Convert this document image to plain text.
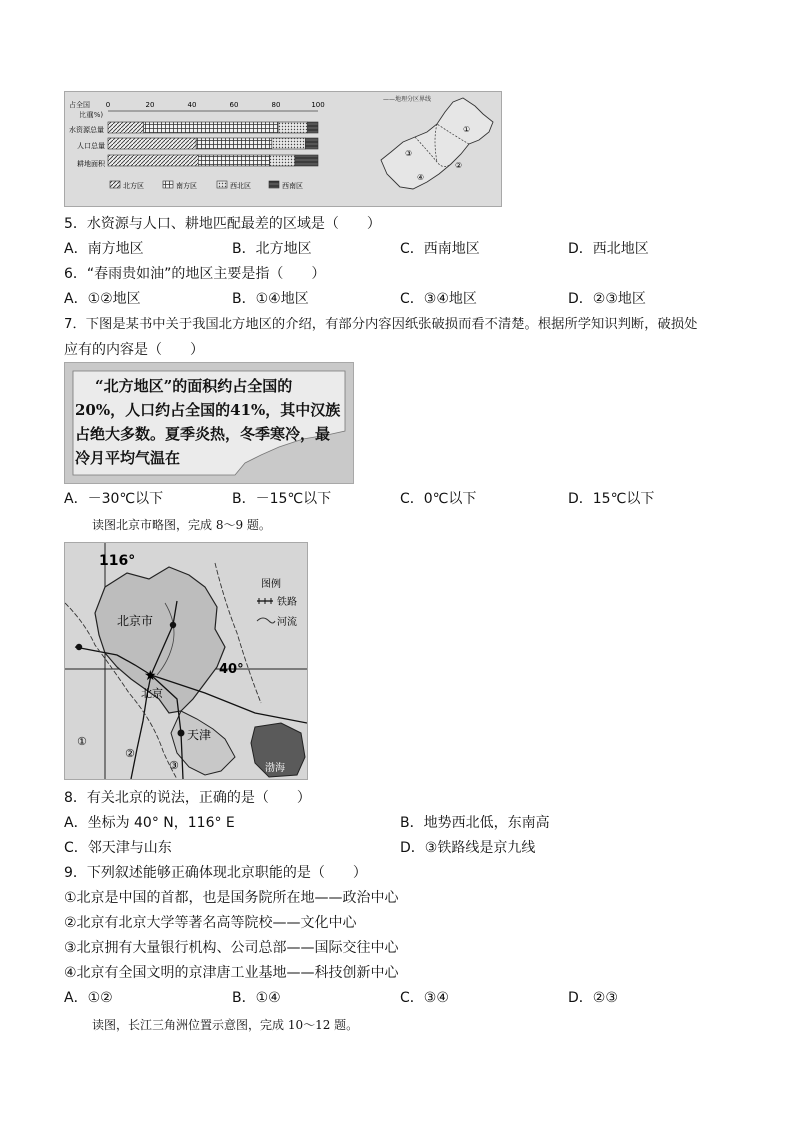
占全国
比重
(%)
0	20	40	60	80	100
水资源总量
人口总量
耕地面积
北方区	南方区	西北区	西南区
——地理分区界线
①
②
③
④
5．水资源与人口、耕地匹配最差的区域是（　　）
A．南方地区	B．北方地区	C．西南地区	D．西北地区
6．“春雨贵如油”的地区主要是指（　　）
A．①②地区	B．①④地区	C．③④地区	D．②③地区
7．下图是某书中关于我国北方地区的介绍，有部分内容因纸张破损而看不清楚。根据所学知识判断，破损处
应有的内容是（　　）
“北方地区”的面积约占全国的
20%，人口约占全国的41%，其中汉族
占绝大多数。夏季炎热，冬季寒冷，最
冷月平均气温在
A．－30℃以下	B．－15℃以下	C．0℃以下	D．15℃以下
读图北京市略图，完成 8～9 题。
★
116°
40°
北京市
北京
天津
渤海
①
②
③
图例
铁路
河流
8．有关北京的说法，正确的是（　　）
A．坐标为 40° N，116° E	B．地势西北低，东南高
C．邻天津与山东	D．③铁路线是京九线
9．下列叙述能够正确体现北京职能的是（　　）
①北京是中国的首都，也是国务院所在地——政治中心
②北京有北京大学等著名高等院校——文化中心
③北京拥有大量银行机构、公司总部——国际交往中心
④北京有全国文明的京津唐工业基地——科技创新中心
A．①②	B．①④	C．③④	D．②③
读图，长江三角洲位置示意图，完成 10～12 题。
